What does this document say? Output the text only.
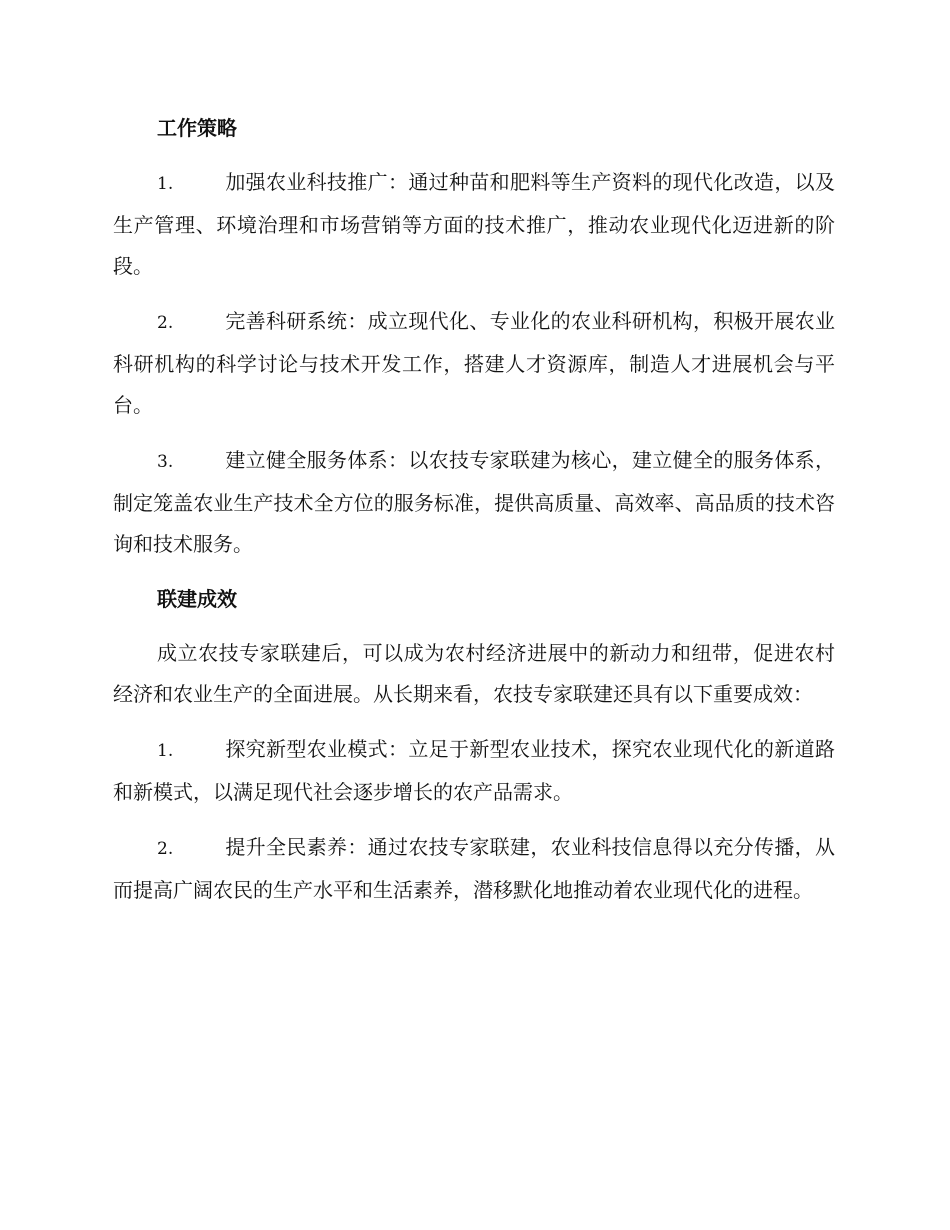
工作策略

1.	加强农业科技推广：通过种苗和肥料等生产资料的现代化改造，以及生产管理、环境治理和市场营销等方面的技术推广，推动农业现代化迈进新的阶段。

2.	完善科研系统：成立现代化、专业化的农业科研机构，积极开展农业科研机构的科学讨论与技术开发工作，搭建人才资源库，制造人才进展机会与平台。

3.	建立健全服务体系：以农技专家联建为核心，建立健全的服务体系，制定笼盖农业生产技术全方位的服务标准，提供高质量、高效率、高品质的技术咨询和技术服务。

联建成效

成立农技专家联建后，可以成为农村经济进展中的新动力和纽带，促进农村经济和农业生产的全面进展。从长期来看，农技专家联建还具有以下重要成效：

1.	探究新型农业模式：立足于新型农业技术，探究农业现代化的新道路和新模式，以满足现代社会逐步增长的农产品需求。

2.	提升全民素养：通过农技专家联建，农业科技信息得以充分传播，从而提高广阔农民的生产水平和生活素养，潜移默化地推动着农业现代化的进程。
